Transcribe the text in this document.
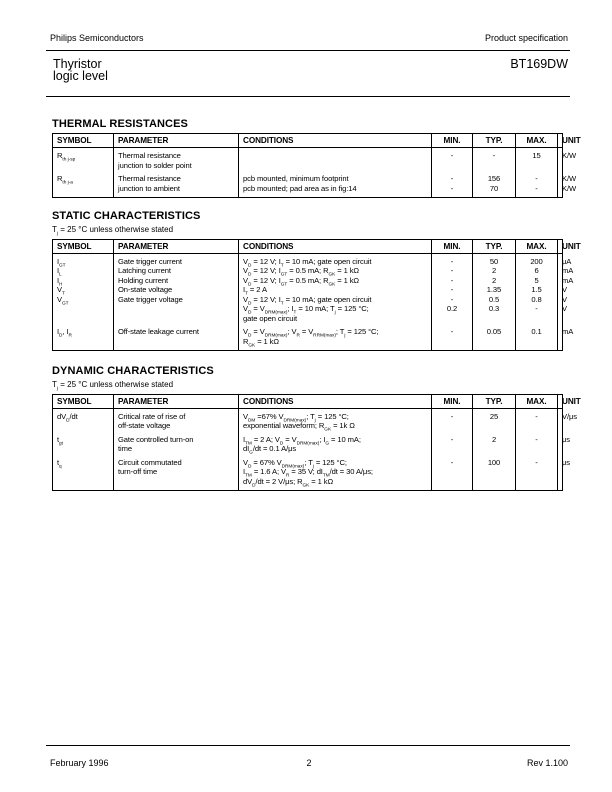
Philips Semiconductors	Product specification
Thyristor
logic level
BT169DW
THERMAL RESISTANCES
SYMBOL	PARAMETER	CONDITIONS	MIN.	TYP.	MAX.	UNIT
$R_{th j-sp}$	Thermal resistance		-	-	15	K/W
	junction to solder point					

$R_{th j-a}$	Thermal resistance	pcb mounted, minimum footprint	-	156	-	K/W
	junction to ambient	pcb mounted; pad area as in fig:14	-	70	-	K/W
STATIC CHARACTERISTICS
$T_j = 25$ °C unless otherwise stated
SYMBOL	PARAMETER	CONDITIONS	MIN.	TYP.	MAX.	UNIT
$I_{GT}$	Gate trigger current	$V_D = 12$ V; $I_T = 10$ mA; gate open circuit	-	50	200	μA
$I_L$	Latching current	$V_D = 12$ V; $I_{GT} = 0.5$ mA; $R_{GK} = 1$ kΩ	-	2	6	mA
$I_H$	Holding current	$V_D = 12$ V; $I_{GT} = 0.5$ mA; $R_{GK} = 1$ kΩ	-	2	5	mA
$V_T$	On-state voltage	$I_T = 2$ A	-	1.35	1.5	V
$V_{GT}$	Gate trigger voltage	$V_D = 12$ V; $I_T = 10$ mA; gate open circuit	-	0.5	0.8	V
		$V_D = V_{DRM(max)}$; $I_T = 10$ mA; $T_j = 125$ °C;	0.2	0.3	-	V
		gate open circuit				

$I_D$, $I_R$	Off-state leakage current	$V_D = V_{DRM(max)}$; $V_R = V_{RRM(max)}$; $T_j = 125$ °C;	-	0.05	0.1	mA
		$R_{GK} = 1$ kΩ				
DYNAMIC CHARACTERISTICS
$T_j = 25$ °C unless otherwise stated
SYMBOL	PARAMETER	CONDITIONS	MIN.	TYP.	MAX.	UNIT
$dV_D/dt$	Critical rate of rise of	$V_{DM} =67\%$ $V_{DRM(max)}$; $T_j = 125$ °C;	-	25	-	V/μs
	off-state voltage	exponential waveform; $R_{GK} = 1k$ Ω				

$t_{gt}$	Gate controlled turn-on	$I_{TM} = 2$ A; $V_D = V_{DRM(max)}$; $I_G = 10$ mA;	-	2	-	μs
	time	$dI_G/dt = 0.1$ A/μs				

$t_q$	Circuit commutated	$V_D = 67\%$ $V_{DRM(max)}$; $T_j = 125$ °C;	-	100	-	μs
	turn-off time	$I_{TM} = 1.6$ A; $V_R = 35$ V; $dI_{TM}/dt = 30$ A/μs;				
		$dV_D/dt = 2$ V/μs; $R_{GK} = 1$ kΩ				
February 1996	2	Rev 1.100
